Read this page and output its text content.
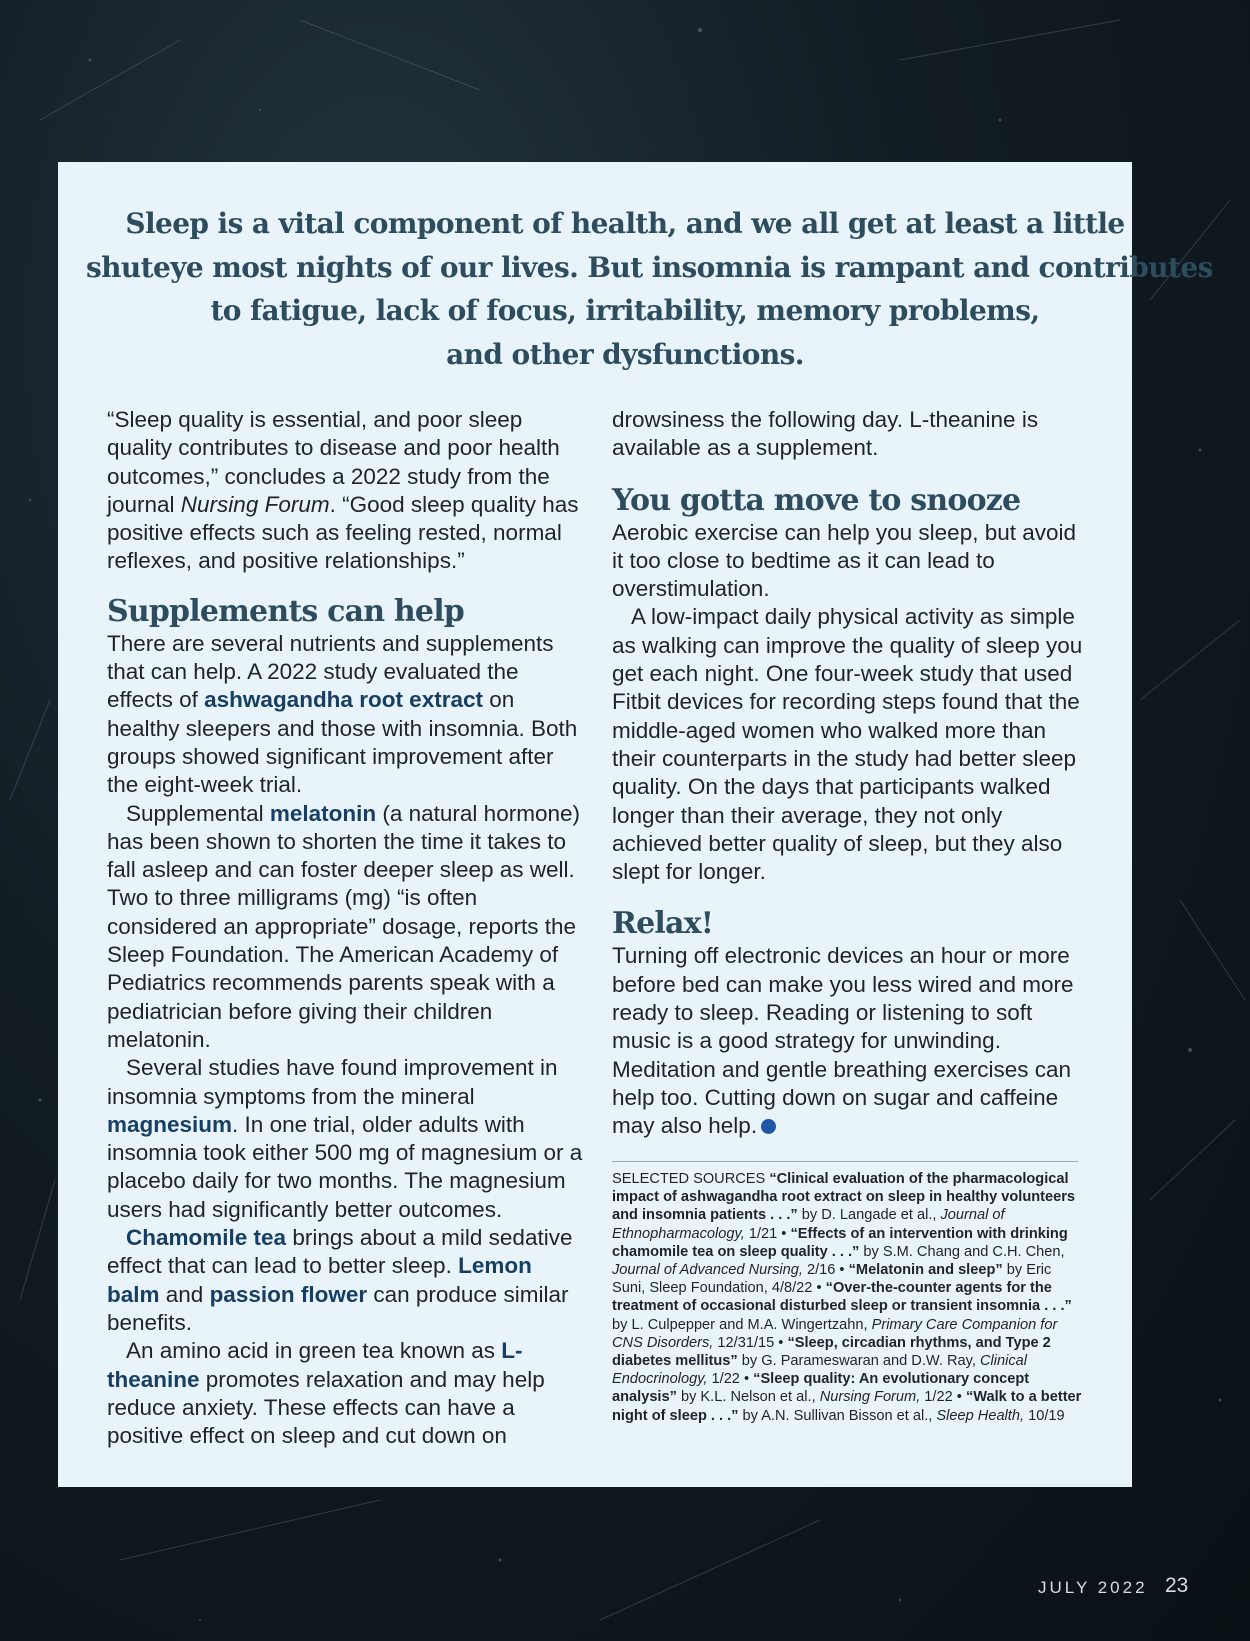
Sleep is a vital component of health, and we all get at least a little
shuteye most nights of our lives. But insomnia is rampant and contributes
to fatigue, lack of focus, irritability, memory problems,
and other dysfunctions.

“Sleep quality is essential, and poor sleep quality contributes to disease and poor health outcomes,” concludes a 2022 study from the journal Nursing Forum. “Good sleep quality has positive effects such as feeling rested, normal reflexes, and positive relationships.”

Supplements can help

There are several nutrients and supplements that can help. A 2022 study evaluated the effects of ashwagandha root extract on healthy sleepers and those with insomnia. Both groups showed significant improvement after the eight-week trial.

Supplemental melatonin (a natural hormone) has been shown to shorten the time it takes to fall asleep and can foster deeper sleep as well. Two to three milligrams (mg) “is often considered an appropriate” dosage, reports the Sleep Foundation. The American Academy of Pediatrics recommends parents speak with a pediatrician before giving their children melatonin.

Several studies have found improvement in insomnia symptoms from the mineral magnesium. In one trial, older adults with insomnia took either 500 mg of magnesium or a placebo daily for two months. The magnesium users had significantly better outcomes.

Chamomile tea brings about a mild sedative effect that can lead to better sleep. Lemon balm and passion flower can produce similar benefits.

An amino acid in green tea known as L-theanine promotes relaxation and may help reduce anxiety. These effects can have a positive effect on sleep and cut down on

drowsiness the following day. L-theanine is available as a supplement.

You gotta move to snooze

Aerobic exercise can help you sleep, but avoid it too close to bedtime as it can lead to overstimulation.

A low-impact daily physical activity as simple as walking can improve the quality of sleep you get each night. One four-week study that used Fitbit devices for recording steps found that the middle-aged women who walked more than their counterparts in the study had better sleep quality. On the days that participants walked longer than their average, they not only achieved better quality of sleep, but they also slept for longer.

Relax!

Turning off electronic devices an hour or more before bed can make you less wired and more ready to sleep. Reading or listening to soft music is a good strategy for unwinding. Meditation and gentle breathing exercises can help too. Cutting down on sugar and caffeine may also help.

SELECTED SOURCES “Clinical evaluation of the pharmacological impact of ashwagandha root extract on sleep in healthy volunteers and insomnia patients . . .” by D. Langade et al., Journal of Ethnopharmacology, 1/21 • “Effects of an intervention with drinking chamomile tea on sleep quality . . .” by S.M. Chang and C.H. Chen, Journal of Advanced Nursing, 2/16 • “Melatonin and sleep” by Eric Suni, Sleep Foundation, 4/8/22 • “Over-the-counter agents for the treatment of occasional disturbed sleep or transient insomnia . . .” by L. Culpepper and M.A. Wingertzahn, Primary Care Companion for CNS Disorders, 12/31/15 • “Sleep, circadian rhythms, and Type 2 diabetes mellitus” by G. Parameswaran and D.W. Ray, Clinical Endocrinology, 1/22 • “Sleep quality: An evolutionary concept analysis” by K.L. Nelson et al., Nursing Forum, 1/22 • “Walk to a better night of sleep . . .” by A.N. Sullivan Bisson et al., Sleep Health, 10/19
JULY 2022 23
